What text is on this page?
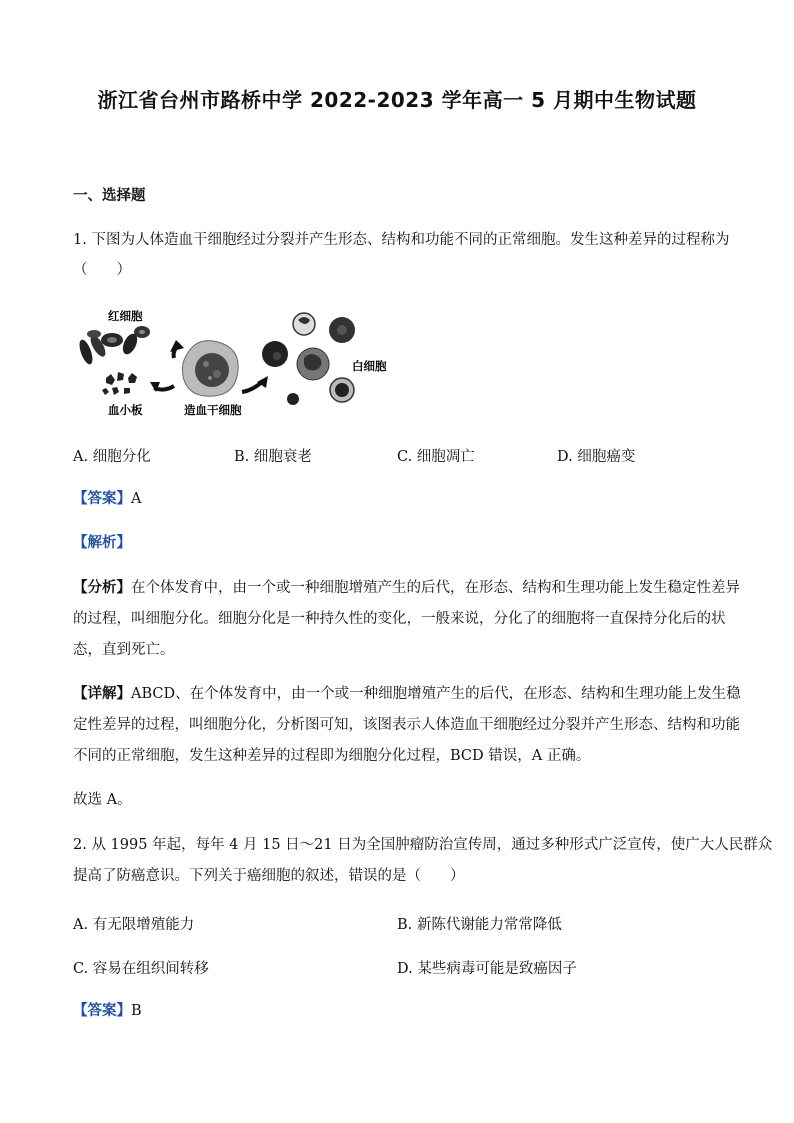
浙江省台州市路桥中学 2022-2023 学年高一 5 月期中生物试题
一、选择题
1. 下图为人体造血干细胞经过分裂并产生形态、结构和功能不同的正常细胞。发生这种差异的过程称为
（　　）
红细胞
血小板	造血干细胞
白细胞
A. 细胞分化	B. 细胞衰老	C. 细胞凋亡	D. 细胞癌变
【答案】A
【解析】
【分析】在个体发育中，由一个或一种细胞增殖产生的后代，在形态、结构和生理功能上发生稳定性差异
的过程，叫细胞分化。细胞分化是一种持久性的变化，一般来说，分化了的细胞将一直保持分化后的状
态，直到死亡。
【详解】ABCD、在个体发育中，由一个或一种细胞增殖产生的后代，在形态、结构和生理功能上发生稳
定性差异的过程，叫细胞分化，分析图可知，该图表示人体造血干细胞经过分裂并产生形态、结构和功能
不同的正常细胞，发生这种差异的过程即为细胞分化过程，BCD 错误，A 正确。
故选 A。
2. 从 1995 年起，每年 4 月 15 日～21 日为全国肿瘤防治宣传周，通过多种形式广泛宣传，使广大人民群众
提高了防癌意识。下列关于癌细胞的叙述，错误的是（　　）
A. 有无限增殖能力	B. 新陈代谢能力常常降低
C. 容易在组织间转移	D. 某些病毒可能是致癌因子
【答案】B
